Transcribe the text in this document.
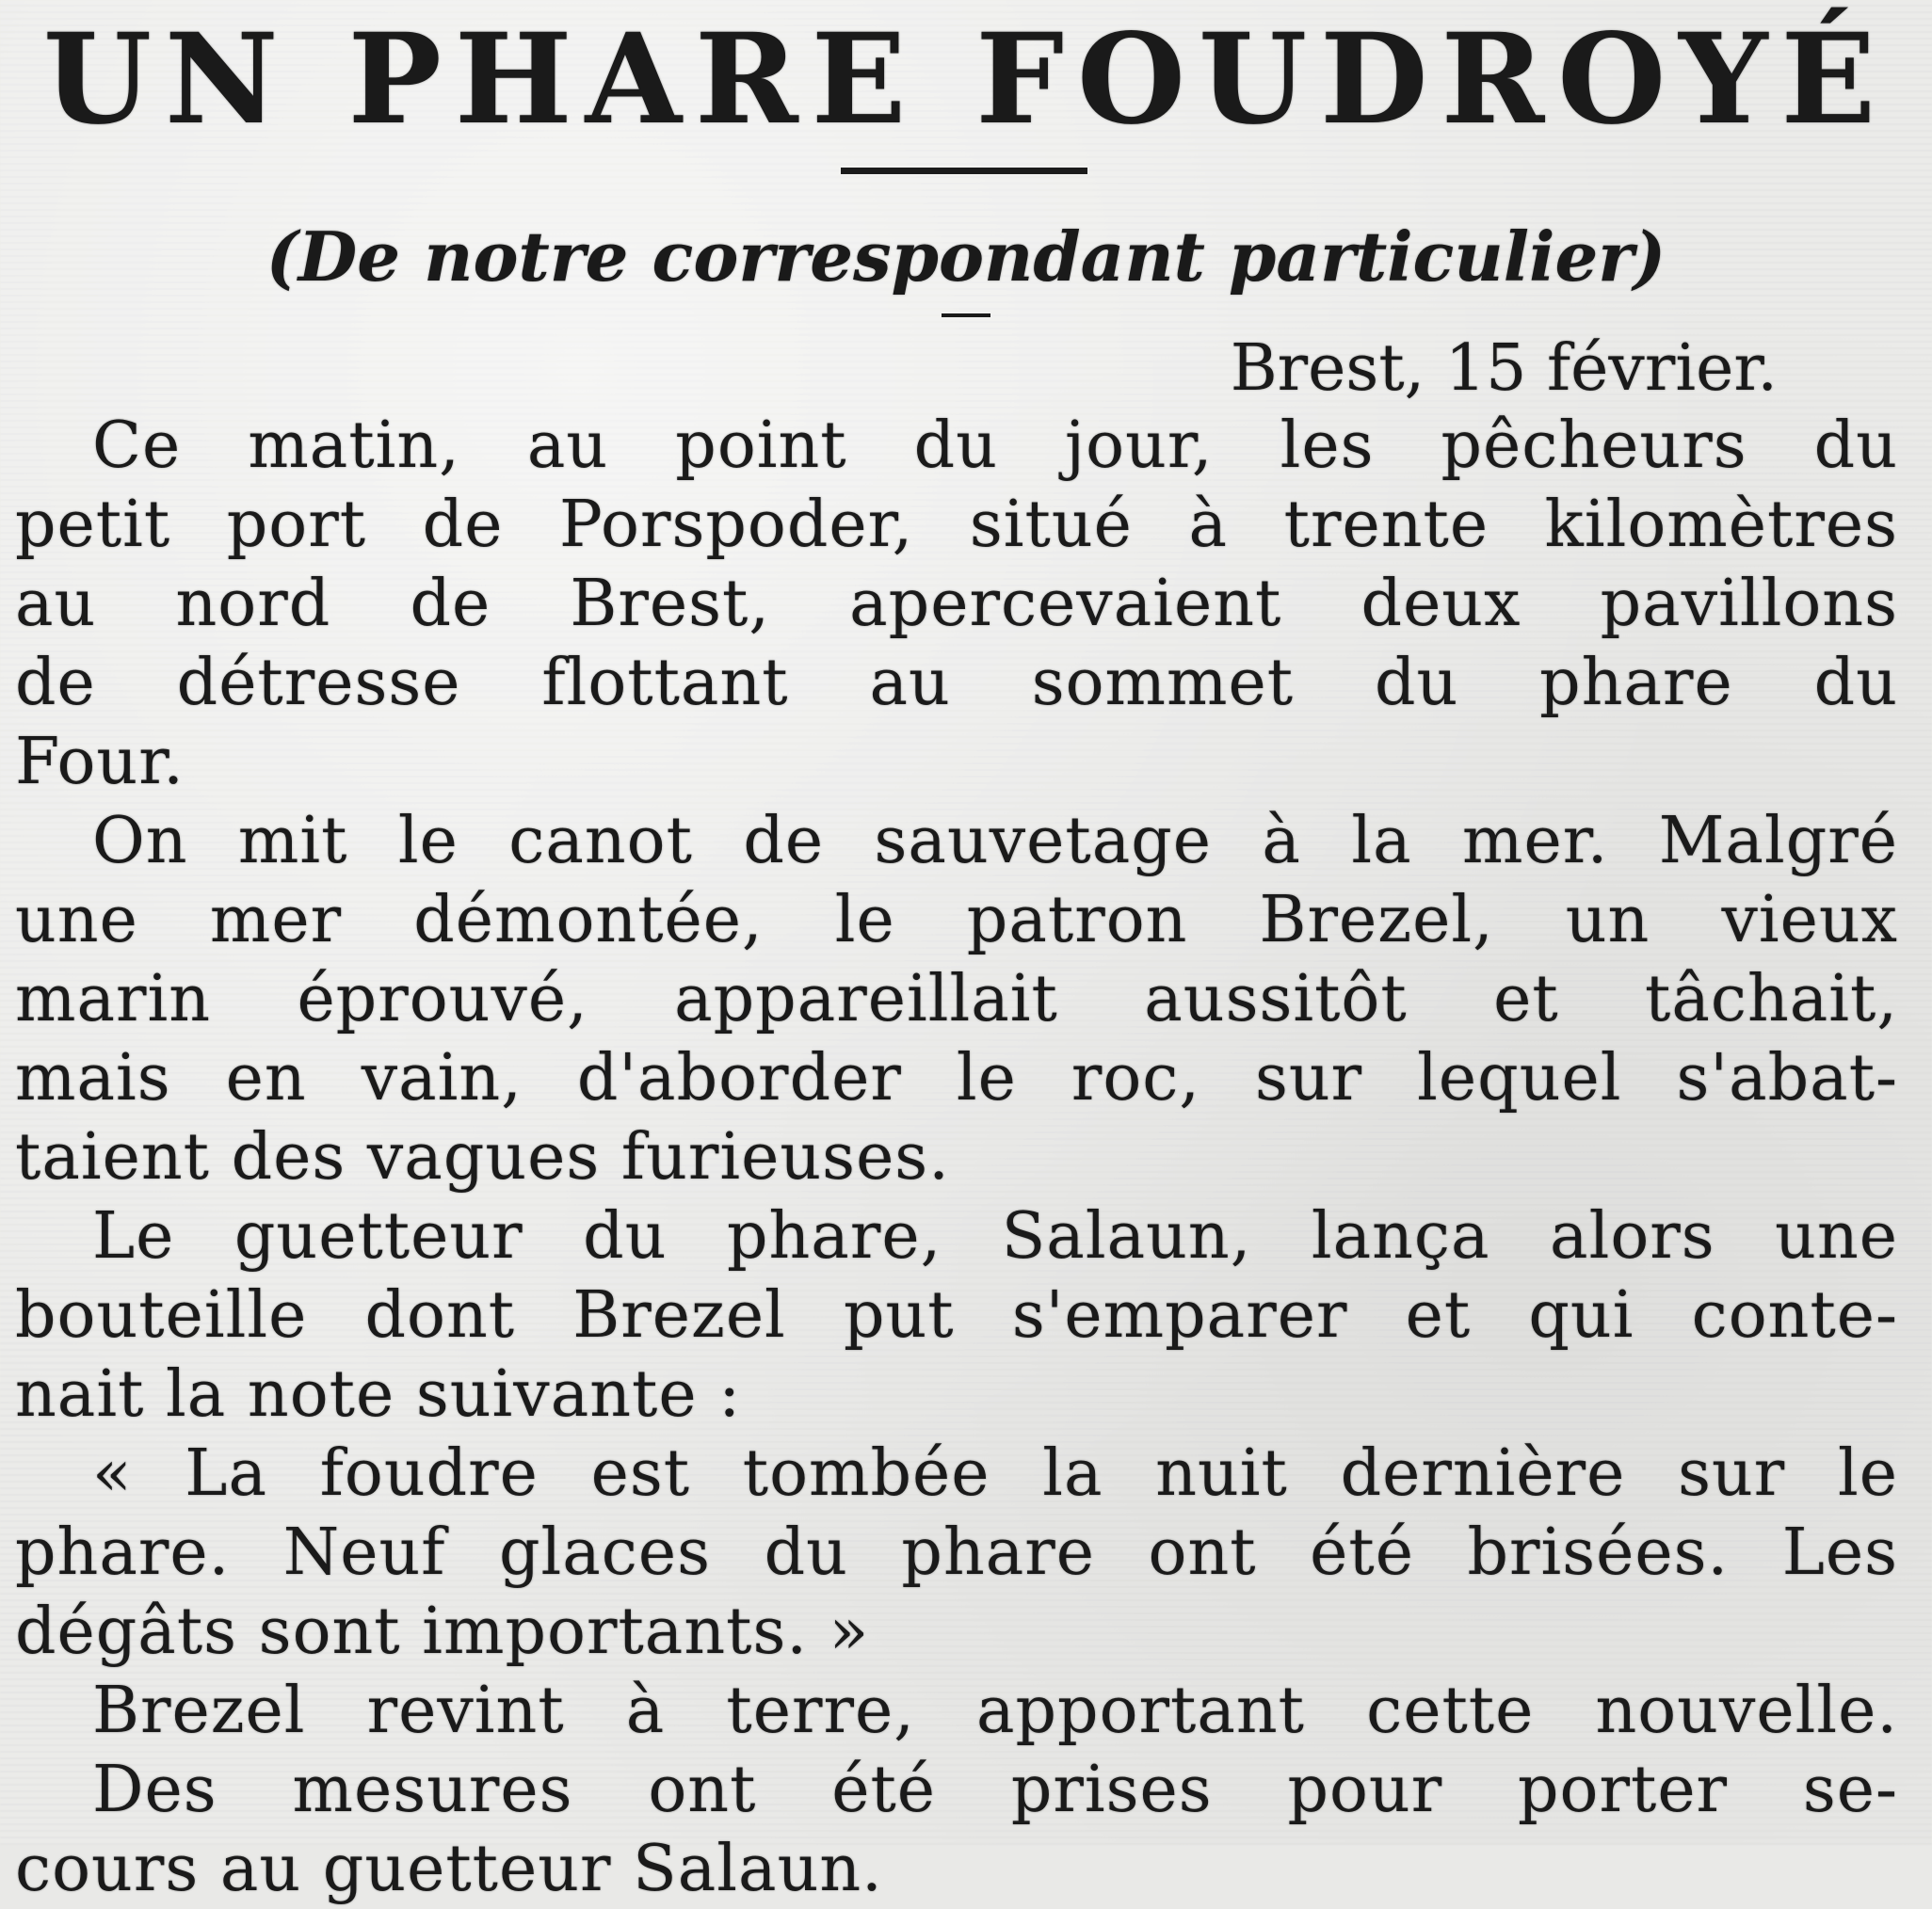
UN PHARE FOUDROYÉ

(De notre correspondant particulier)

Brest, 15 février.

Ce matin, au point du jour, les pêcheurs du
petit port de Porspoder, situé à trente kilomètres
au nord de Brest, apercevaient deux pavillons
de détresse flottant au sommet du phare du
Four.
On mit le canot de sauvetage à la mer. Malgré
une mer démontée, le patron Brezel, un vieux
marin éprouvé, appareillait aussitôt et tâchait,
mais en vain, d'aborder le roc, sur lequel s'abat-
taient des vagues furieuses.
Le guetteur du phare, Salaun, lança alors une
bouteille dont Brezel put s'emparer et qui conte-
nait la note suivante :
« La foudre est tombée la nuit dernière sur le
phare. Neuf glaces du phare ont été brisées. Les
dégâts sont importants. »
Brezel revint à terre, apportant cette nouvelle.
Des mesures ont été prises pour porter se-
cours au guetteur Salaun.
